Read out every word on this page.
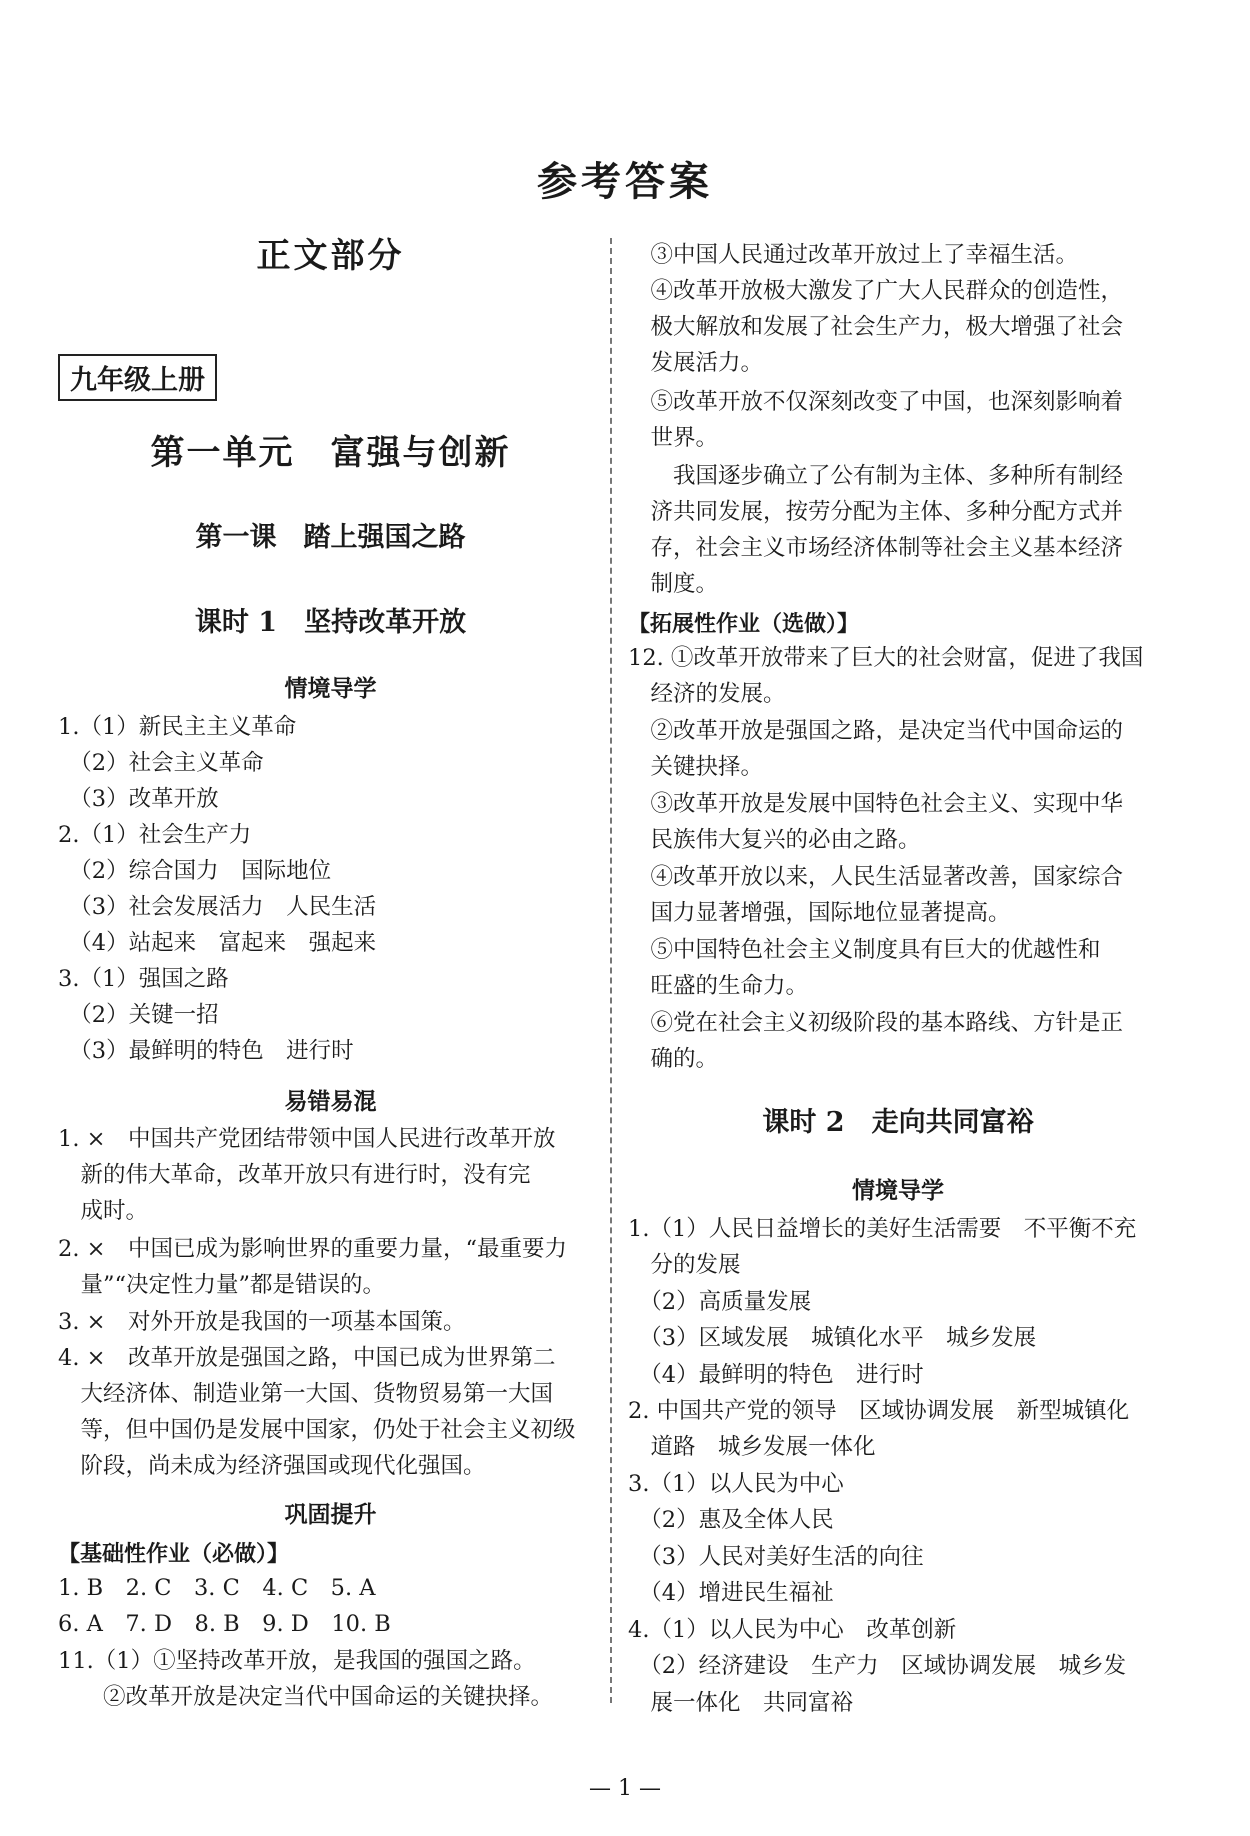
参考答案
正文部分
九年级上册
第一单元　富强与创新
第一课　踏上强国之路
课时 1　坚持改革开放
情境导学
1.（1）新民主主义革命
　（2）社会主义革命
　（3）改革开放
2.（1）社会生产力
　（2）综合国力　国际地位
　（3）社会发展活力　人民生活
　（4）站起来　富起来　强起来
3.（1）强国之路
　（2）关键一招
　（3）最鲜明的特色　进行时
易错易混
1. ×　中国共产党团结带领中国人民进行改革开放
　新的伟大革命，改革开放只有进行时，没有完
　成时。
2. ×　中国已成为影响世界的重要力量，“最重要力
　量”“决定性力量”都是错误的。
3. ×　对外开放是我国的一项基本国策。
4. ×　改革开放是强国之路，中国已成为世界第二
　大经济体、制造业第一大国、货物贸易第一大国
　等，但中国仍是发展中国家，仍处于社会主义初级
　阶段，尚未成为经济强国或现代化强国。
巩固提升
【基础性作业（必做）】
1. B　2. C　3. C　4. C　5. A
6. A　7. D　8. B　9. D　10. B
11.（1）①坚持改革开放，是我国的强国之路。
　　②改革开放是决定当代中国命运的关键抉择。
　③中国人民通过改革开放过上了幸福生活。
　④改革开放极大激发了广大人民群众的创造性，
　极大解放和发展了社会生产力，极大增强了社会
　发展活力。
　⑤改革开放不仅深刻改变了中国，也深刻影响着
　世界。
　　我国逐步确立了公有制为主体、多种所有制经
　济共同发展，按劳分配为主体、多种分配方式并
　存，社会主义市场经济体制等社会主义基本经济
　制度。
【拓展性作业（选做）】
12. ①改革开放带来了巨大的社会财富，促进了我国
　经济的发展。
　②改革开放是强国之路，是决定当代中国命运的
　关键抉择。
　③改革开放是发展中国特色社会主义、实现中华
　民族伟大复兴的必由之路。
　④改革开放以来，人民生活显著改善，国家综合
　国力显著增强，国际地位显著提高。
　⑤中国特色社会主义制度具有巨大的优越性和
　旺盛的生命力。
　⑥党在社会主义初级阶段的基本路线、方针是正
　确的。
课时 2　走向共同富裕
情境导学
1.（1）人民日益增长的美好生活需要　不平衡不充
　分的发展
　（2）高质量发展
　（3）区域发展　城镇化水平　城乡发展
　（4）最鲜明的特色　进行时
2. 中国共产党的领导　区域协调发展　新型城镇化
　道路　城乡发展一体化
3.（1）以人民为中心
　（2）惠及全体人民
　（3）人民对美好生活的向往
　（4）增进民生福祉
4.（1）以人民为中心　改革创新
　（2）经济建设　生产力　区域协调发展　城乡发
　展一体化　共同富裕
— 1 —
